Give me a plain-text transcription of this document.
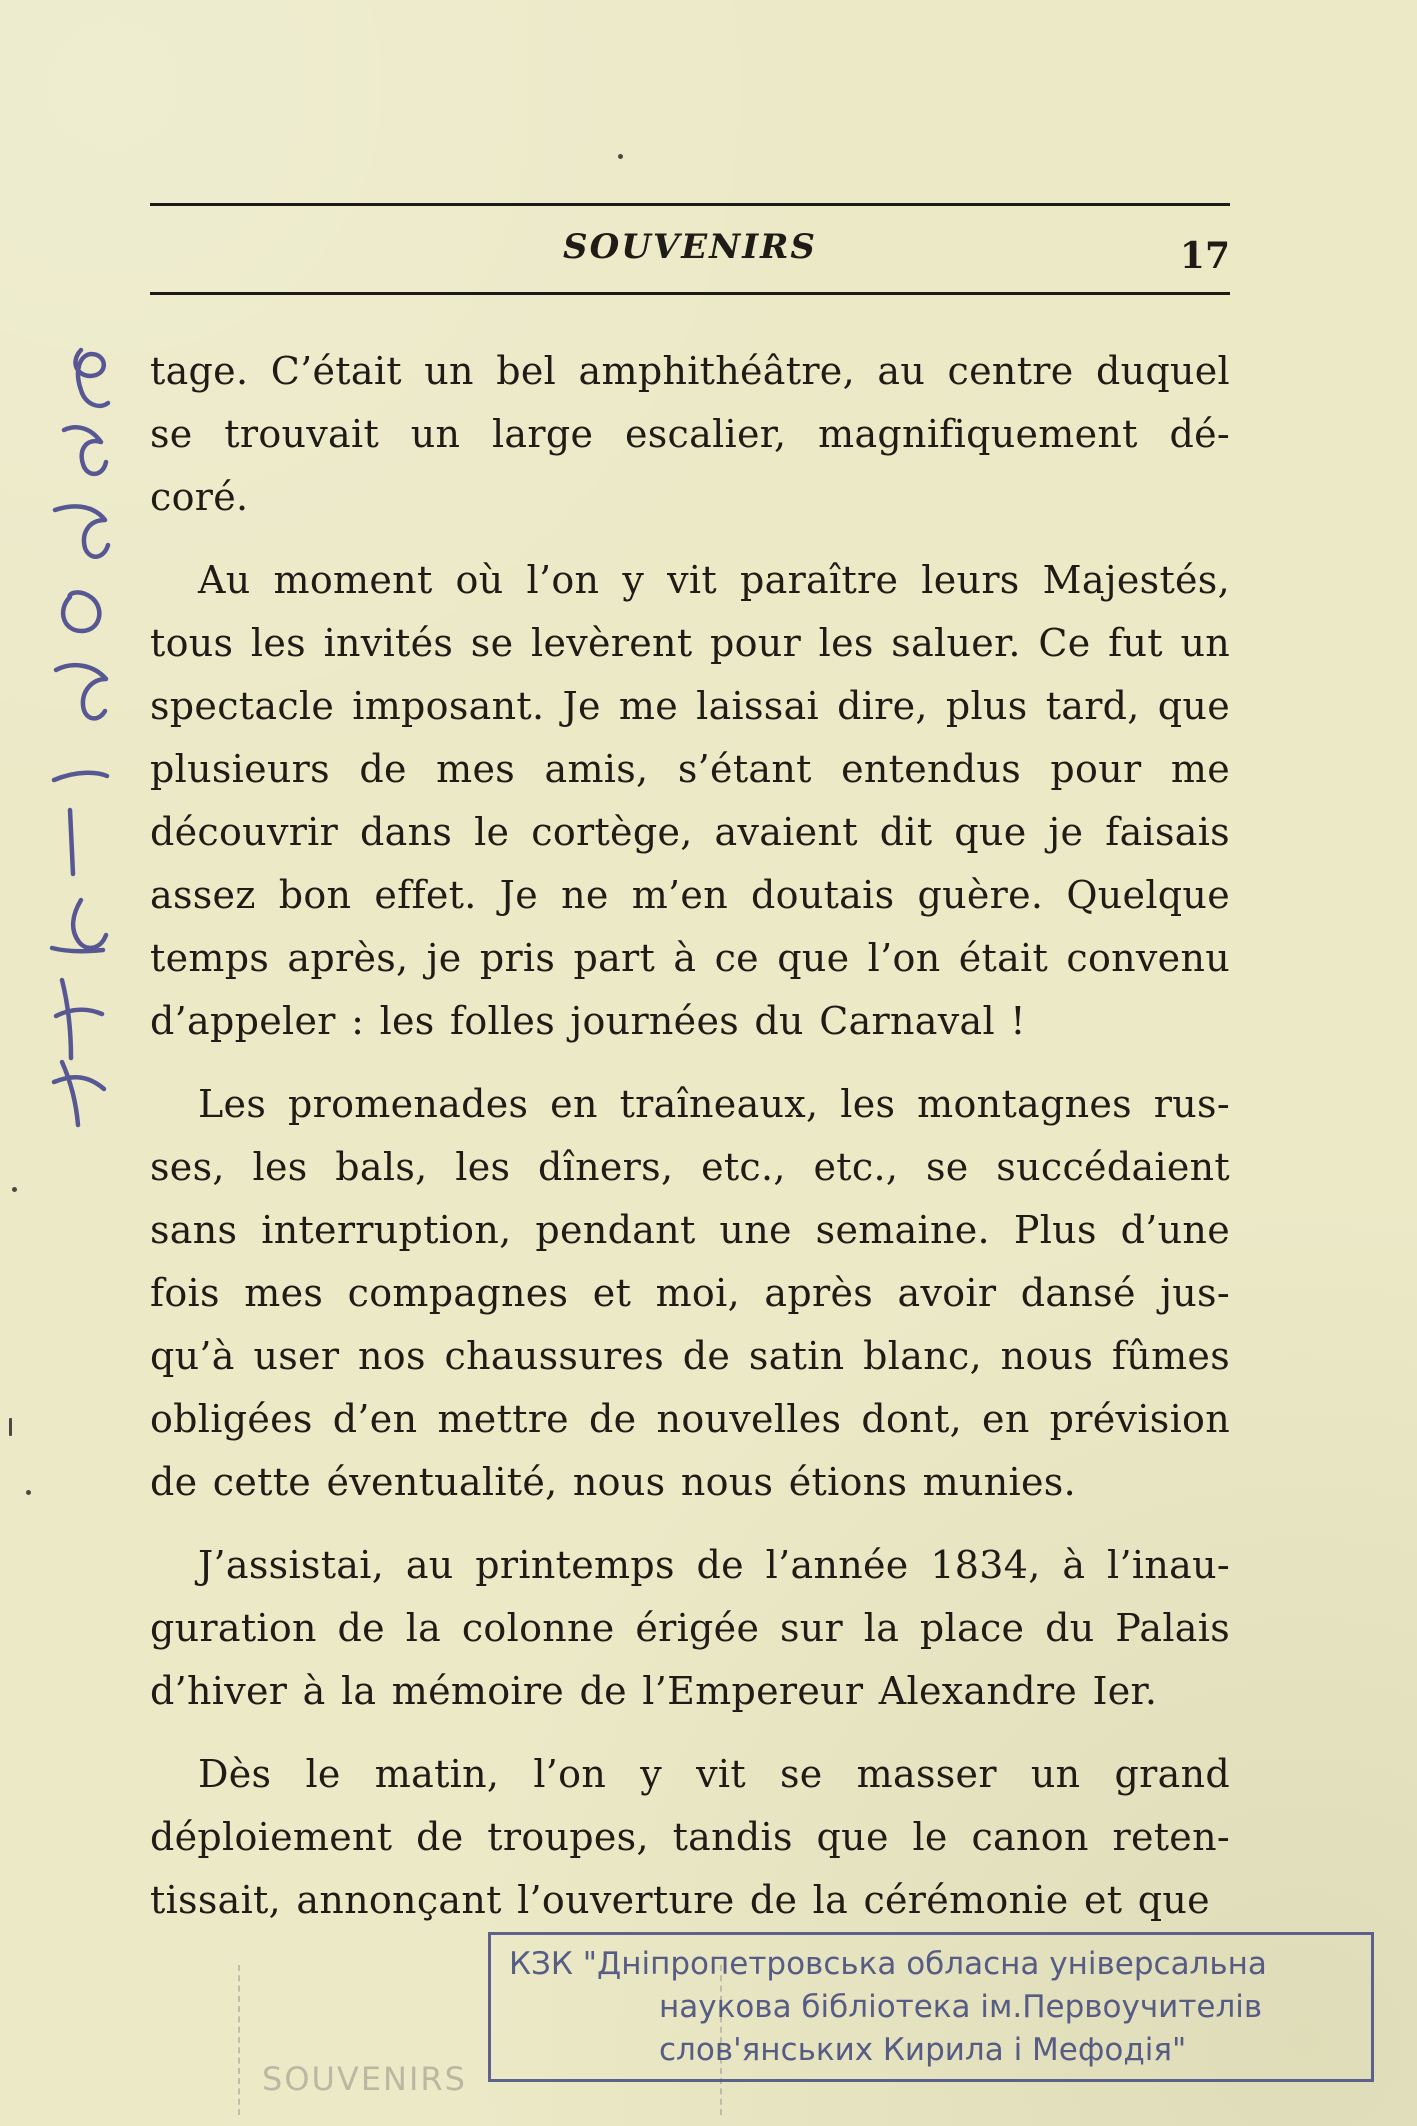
SOUVENIRS	17

tage. C’était un bel amphithéâtre, au centre duquel se trouvait un large escalier, magnifiquement dé- coré.

Au moment où l’on y vit paraître leurs Majestés, tous les invités se levèrent pour les saluer. Ce fut un spectacle imposant. Je me laissai dire, plus tard, que plusieurs de mes amis, s’étant entendus pour me découvrir dans le cortège, avaient dit que je faisais assez bon effet. Je ne m’en doutais guère. Quelque temps après, je pris part à ce que l’on était convenu d’appeler : les folles journées du Carnaval !

Les promenades en traîneaux, les montagnes rus- ses, les bals, les dîners, etc., etc., se succédaient sans interruption, pendant une semaine. Plus d’une fois mes compagnes et moi, après avoir dansé jus- qu’à user nos chaussures de satin blanc, nous fûmes obligées d’en mettre de nouvelles dont, en prévision de cette éventualité, nous nous étions munies.

J’assistai, au printemps de l’année 1834, à l’inau- guration de la colonne érigée sur la place du Palais d’hiver à la mémoire de l’Empereur Alexandre Ier.

Dès le matin, l’on y vit se masser un grand déploiement de troupes, tandis que le canon reten- tissait, annonçant l’ouverture de la cérémonie et que

SOUVENIRS
КЗК "Дніпропетровська обласна універсальна
наукова бібліотека ім.Первоучителів
слов'янських Кирила і Мефодія"
